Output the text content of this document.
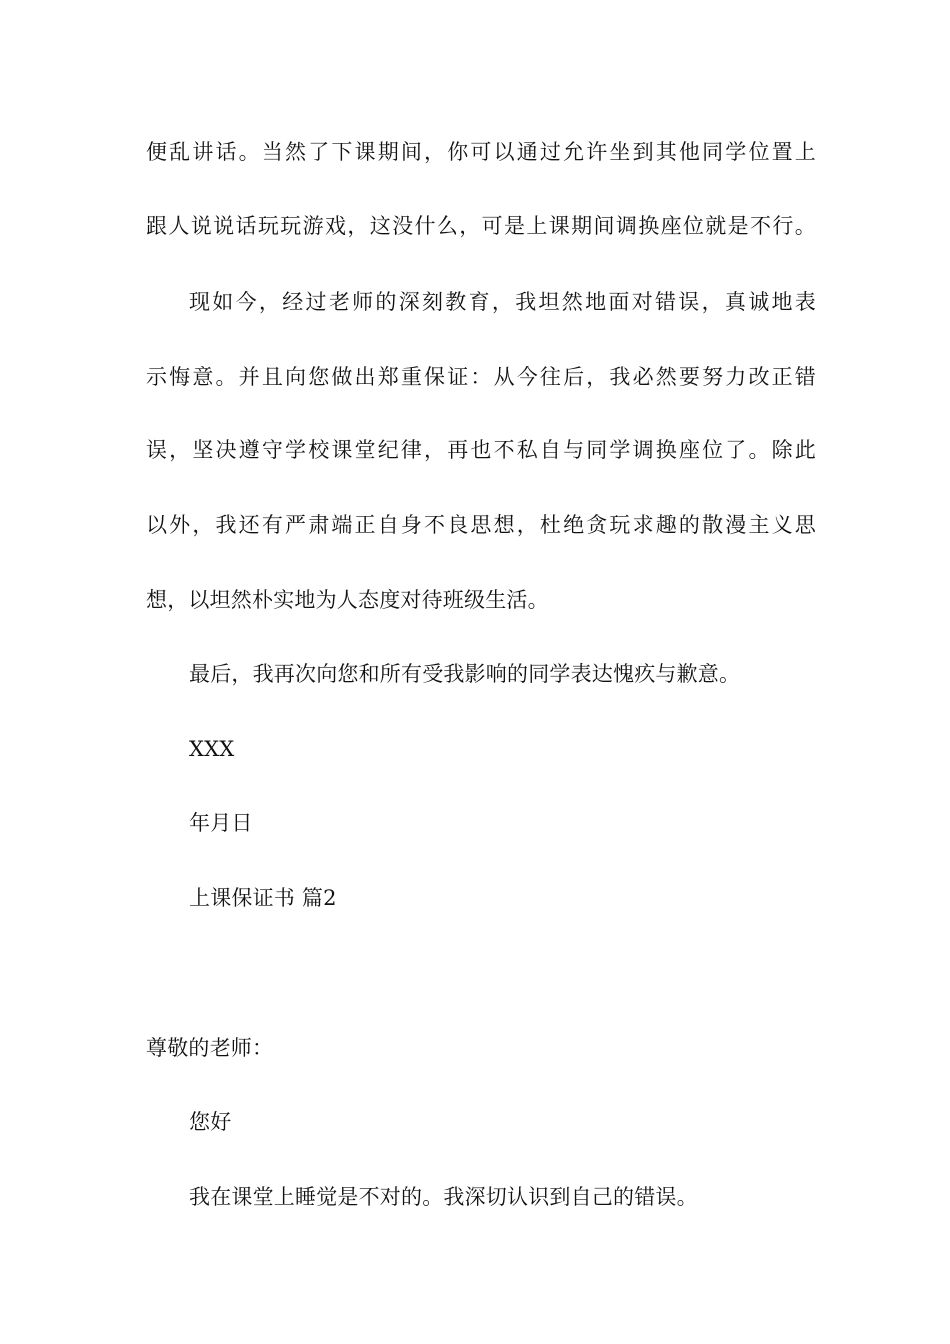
便乱讲话。当然了下课期间，你可以通过允许坐到其他同学位置上
跟人说说话玩玩游戏，这没什么，可是上课期间调换座位就是不行。
现如今，经过老师的深刻教育，我坦然地面对错误，真诚地表
示悔意。并且向您做出郑重保证：从今往后，我必然要努力改正错
误，坚决遵守学校课堂纪律，再也不私自与同学调换座位了。除此
以外，我还有严肃端正自身不良思想，杜绝贪玩求趣的散漫主义思
想，以坦然朴实地为人态度对待班级生活。
最后，我再次向您和所有受我影响的同学表达愧疚与歉意。
XXX
年月日
上课保证书 篇2
尊敬的老师：
您好
我在课堂上睡觉是不对的。我深切认识到自己的错误。
